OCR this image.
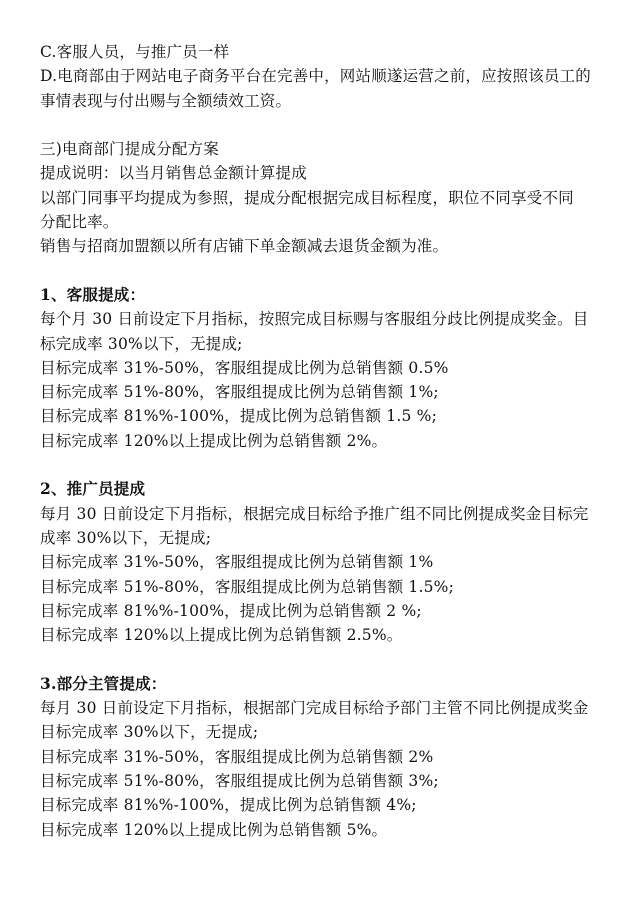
C.客服人员，与推广员一样
D.电商部由于网站电子商务平台在完善中，网站顺遂运营之前，应按照该员工的
事情表现与付出赐与全额绩效工资。
三)电商部门提成分配方案
提成说明：以当月销售总金额计算提成
以部门同事平均提成为参照，提成分配根据完成目标程度，职位不同享受不同
分配比率。
销售与招商加盟额以所有店铺下单金额减去退货金额为准。
1、客服提成：
每个月 30 日前设定下月指标，按照完成目标赐与客服组分歧比例提成奖金。目
标完成率 30%以下，无提成;
目标完成率 31%-50%，客服组提成比例为总销售额 0.5%
目标完成率 51%-80%，客服组提成比例为总销售额 1%;
目标完成率 81%%-100%，提成比例为总销售额 1.5 %;
目标完成率 120%以上提成比例为总销售额 2%。
2、推广员提成
每月 30 日前设定下月指标，根据完成目标给予推广组不同比例提成奖金目标完
成率 30%以下，无提成;
目标完成率 31%-50%，客服组提成比例为总销售额 1%
目标完成率 51%-80%，客服组提成比例为总销售额 1.5%;
目标完成率 81%%-100%，提成比例为总销售额 2 %;
目标完成率 120%以上提成比例为总销售额 2.5%。
3.部分主管提成：
每月 30 日前设定下月指标，根据部门完成目标给予部门主管不同比例提成奖金
目标完成率 30%以下，无提成;
目标完成率 31%-50%，客服组提成比例为总销售额 2%
目标完成率 51%-80%，客服组提成比例为总销售额 3%;
目标完成率 81%%-100%，提成比例为总销售额 4%;
目标完成率 120%以上提成比例为总销售额 5%。
